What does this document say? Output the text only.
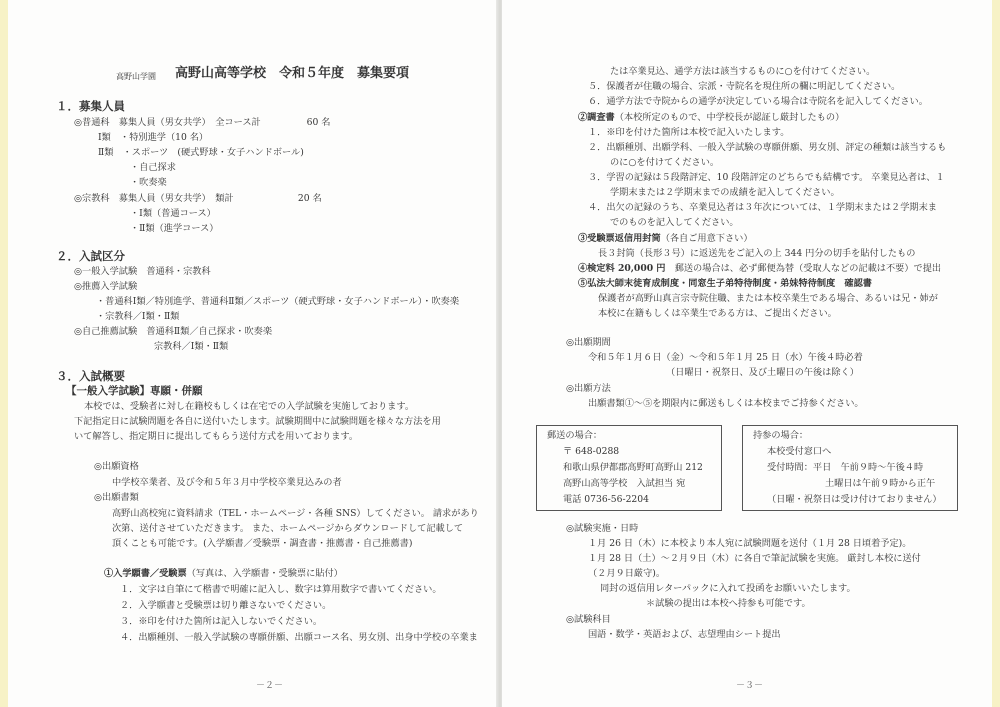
高野山学園 高野山高等学校　令和５年度　募集要項
１．募集人員
◎普通科　募集人員（男女共学）　全コース計　　　　　60 名
Ⅰ類　・特別進学（10 名）
Ⅱ類　・スポーツ　(硬式野球・女子ハンドボール)
・自己探求
・吹奏楽
◎宗教科　募集人員（男女共学）　類計　　　　　　　20 名
・Ⅰ類（普通コース）
・Ⅱ類（進学コース）
２．入試区分
◎一般入学試験　普通科・宗教科
◎推薦入学試験
・普通科Ⅰ類／特別進学、普通科Ⅱ類／スポーツ（硬式野球・女子ハンドボール）・吹奏楽
・宗教科／Ⅰ類・Ⅱ類
◎自己推薦試験　普通科Ⅱ類／自己探求・吹奏楽
宗教科／Ⅰ類・Ⅱ類
３．入試概要
【一般入学試験】専願・併願
本校では、受験者に対し在籍校もしくは在宅での入学試験を実施しております。
下記指定日に試験問題を各自に送付いたします。試験期間中に試験問題を様々な方法を用
いて解答し、指定期日に提出してもらう送付方式を用いております。
◎出願資格
中学校卒業者、及び令和５年３月中学校卒業見込みの者
◎出願書類
高野山高校宛に資料請求（TEL・ホームページ・各種 SNS）してください。 請求があり
次第、送付させていただきます。 また、ホームページからダウンロードして記載して
頂くことも可能です。(入学願書／受験票・調査書・推薦書・自己推薦書)
①入学願書／受験票（写真は、入学願書・受験票に貼付）
１．文字は自筆にて楷書で明確に記入し、数字は算用数字で書いてください。
２．入学願書と受験票は切り離さないでください。
３．※印を付けた箇所は記入しないでください。
４．出願種別、一般入学試験の専願併願、出願コース名、男女別、出身中学校の卒業ま
－２－
たは卒業見込、通学方法は該当するものに○を付けてください。
５．保護者が住職の場合、宗派・寺院名を現住所の欄に明記してください。
６．通学方法で寺院からの通学が決定している場合は寺院名を記入してください。
②調査書（本校所定のもので、中学校長が認証し厳封したもの）
１．※印を付けた箇所は本校で記入いたします。
２．出願種別、出願学科、一般入学試験の専願併願、男女別、評定の種類は該当するも
のに○を付けてください。
３．学習の記録は５段階評定、10 段階評定のどちらでも結構です。 卒業見込者は、１
学期末または２学期末までの成績を記入してください。
４．出欠の記録のうち、卒業見込者は３年次については、１学期末または２学期末ま
でのものを記入してください。
③受験票返信用封筒（各自ご用意下さい）
長３封筒（長形３号）に返送先をご記入の上 344 円分の切手を貼付したもの
④検定料 20,000 円　 郵送の場合は、必ず郵便為替（受取人などの記載は不要）で提出
⑤弘法大師末徒育成制度・同窓生子弟特待制度・弟妹特待制度　確認書
保護者が高野山真言宗寺院住職、または本校卒業生である場合、あるいは兄・姉が
本校に在籍もしくは卒業生である方は、ご提出ください。
◎出願期間
令和５年１月６日（金）～令和５年１月 25 日（水）午後４時必着
（日曜日・祝祭日、及び土曜日の午後は除く）
◎出願方法
出願書類①～⑤を期限内に郵送もしくは本校までご持参ください。
郵送の場合：
〒 648-0288
和歌山県伊都郡高野町高野山 212
高野山高等学校　入試担当 宛
電話 0736-56-2204
持参の場合：
本校受付窓口へ
受付時間：平日　午前９時～午後４時
土曜日は午前９時から正午
（日曜・祝祭日は受け付けておりません）
◎試験実施・日時
１月 26 日（木）に本校より本人宛に試験問題を送付（１月 28 日頃着予定)。
１月 28 日（土）～２月９日（木）に各自で筆記試験を実施。 厳封し本校に送付
（２月９日厳守)。
同封の返信用レターパックに入れて投函をお願いいたします。
＊試験の提出は本校へ持参も可能です。
◎試験科目
国語・数学・英語および、志望理由シート提出
－３－
